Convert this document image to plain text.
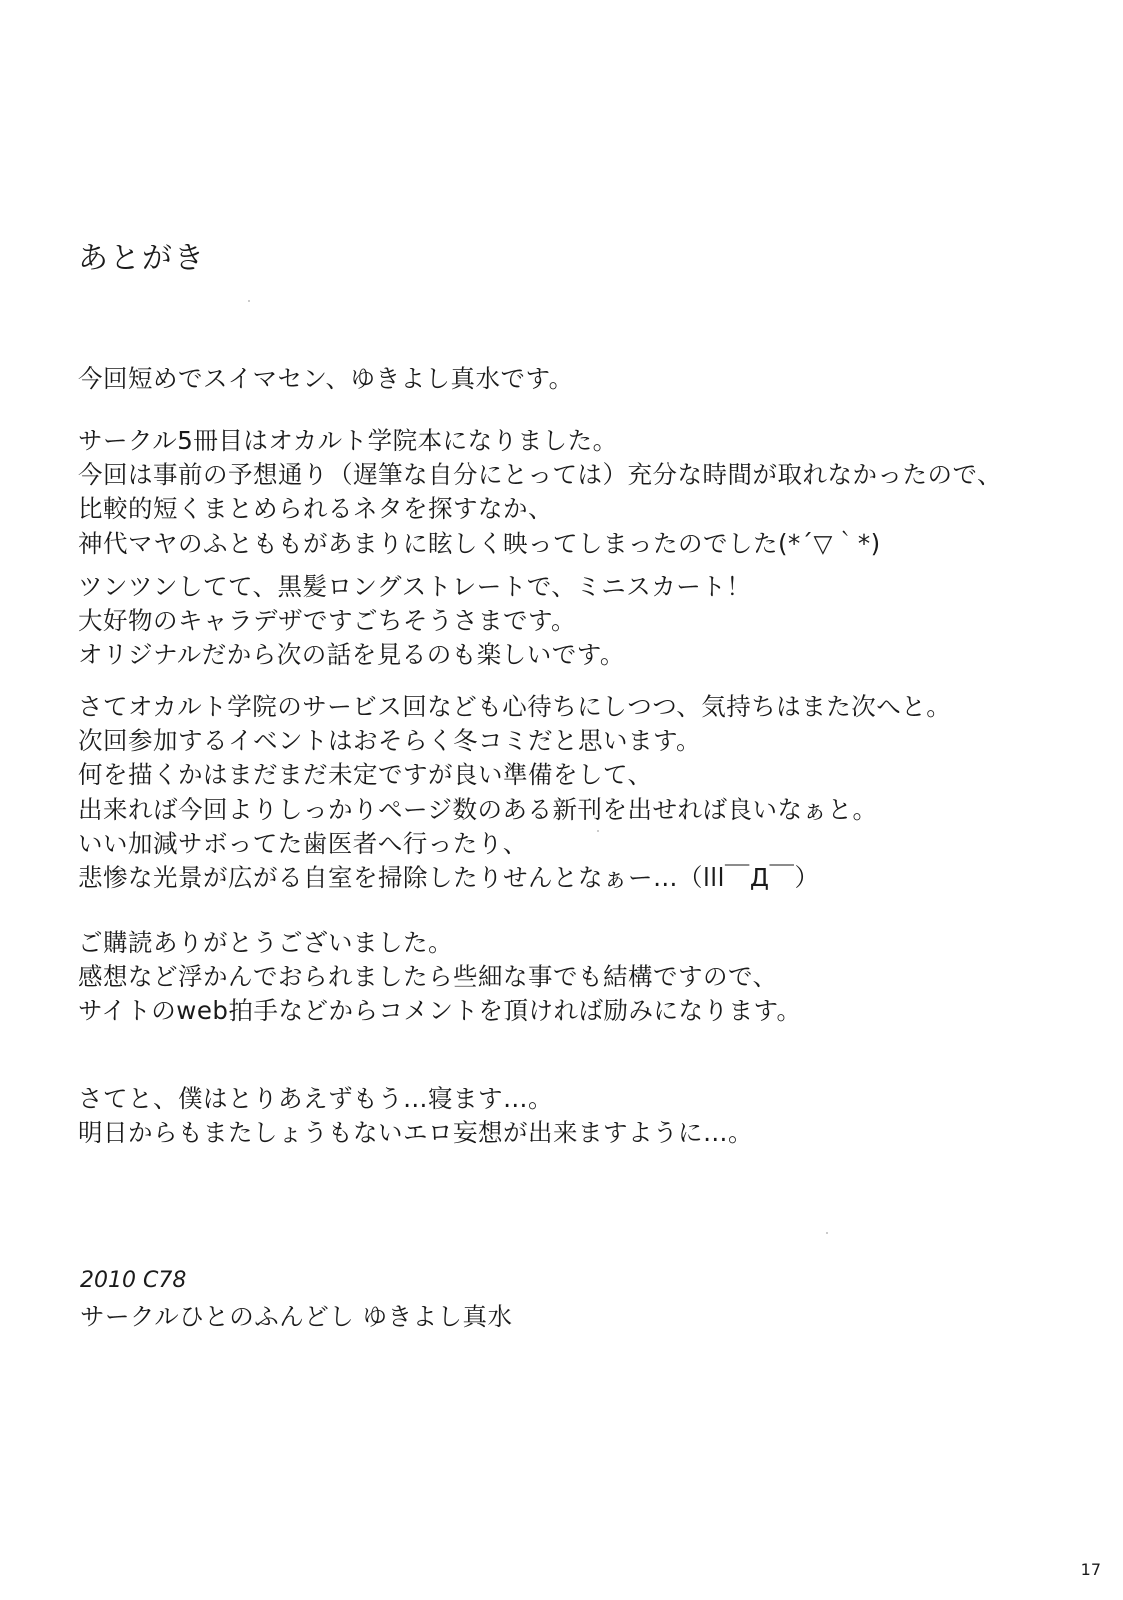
あとがき
今回短めでスイマセン、ゆきよし真水です。
サークル5冊目はオカルト学院本になりました。
今回は事前の予想通り（遅筆な自分にとっては）充分な時間が取れなかったので、
比較的短くまとめられるネタを探すなか、
神代マヤのふとももがあまりに眩しく映ってしまったのでした(*´▽｀*)
ツンツンしてて、黒髪ロングストレートで、ミニスカート！
大好物のキャラデザですごちそうさまです。
オリジナルだから次の話を見るのも楽しいです。
さてオカルト学院のサービス回なども心待ちにしつつ、気持ちはまた次へと。
次回参加するイベントはおそらく冬コミだと思います。
何を描くかはまだまだ未定ですが良い準備をして、
出来れば今回よりしっかりページ数のある新刊を出せれば良いなぁと。
いい加減サボってた歯医者へ行ったり、
悲惨な光景が広がる自室を掃除したりせんとなぁー…（lll￣Д￣）
ご購読ありがとうございました。
感想など浮かんでおられましたら些細な事でも結構ですので、
サイトのweb拍手などからコメントを頂ければ励みになります。
さてと、僕はとりあえずもう…寝ます…。
明日からもまたしょうもないエロ妄想が出来ますように…。
2010 C78
サークルひとのふんどし ゆきよし真水
17
